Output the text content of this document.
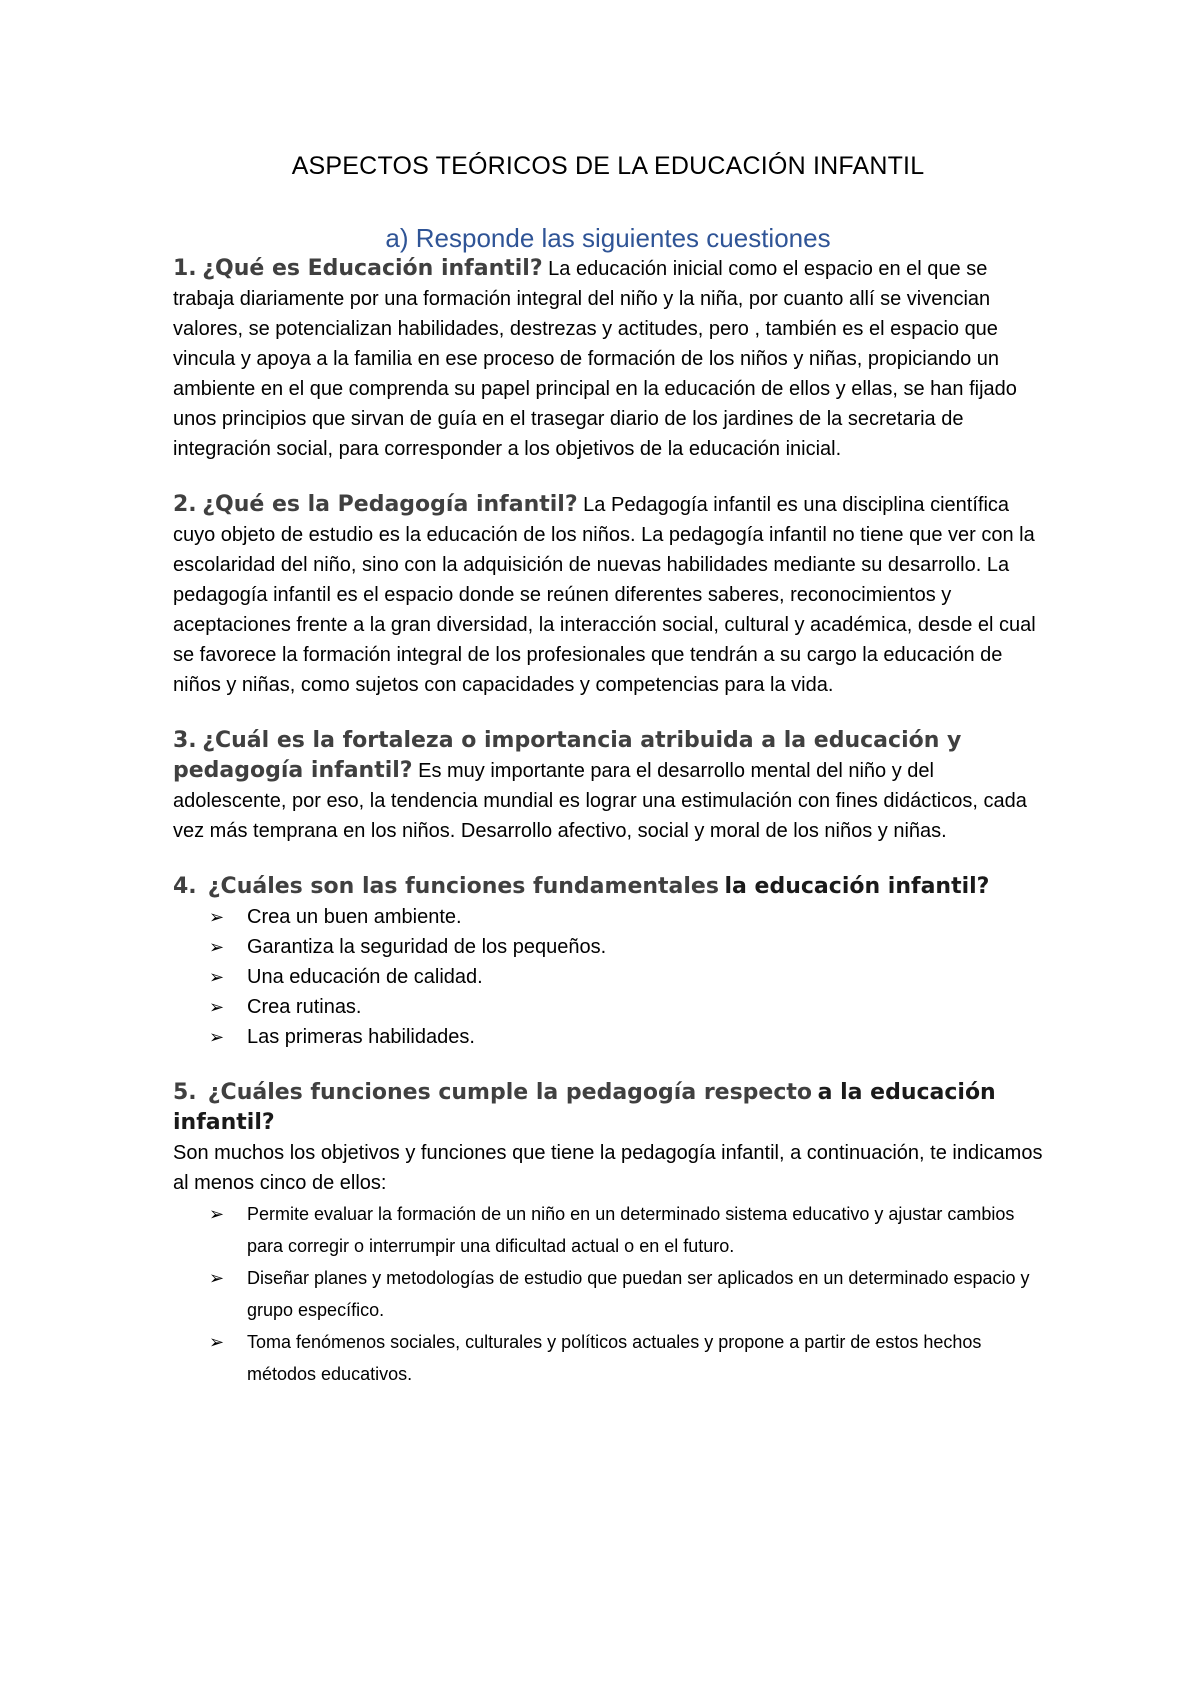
ASPECTOS TEÓRICOS DE LA EDUCACIÓN INFANTIL
a) Responde las siguientes cuestiones

1. ¿Qué es Educación infantil? La educación inicial como el espacio en el que se trabaja diariamente por una formación integral del niño y la niña, por cuanto allí se vivencian valores, se potencializan habilidades, destrezas y actitudes, pero , también es el espacio que vincula y apoya a la familia en ese proceso de formación de los niños y niñas, propiciando un ambiente en el que comprenda su papel principal en la educación de ellos y ellas, se han fijado unos principios que sirvan de guía en el trasegar diario de los jardines de la secretaria de integración social, para corresponder a los objetivos de la educación inicial.

2. ¿Qué es la Pedagogía infantil? La Pedagogía infantil es una disciplina científica cuyo objeto de estudio es la educación de los niños. La pedagogía infantil no tiene que ver con la escolaridad del niño, sino con la adquisición de nuevas habilidades mediante su desarrollo. La pedagogía infantil es el espacio donde se reúnen diferentes saberes, reconocimientos y aceptaciones frente a la gran diversidad, la interacción social, cultural y académica, desde el cual se favorece la formación integral de los profesionales que tendrán a su cargo la educación de niños y niñas, como sujetos con capacidades y competencias para la vida.

3. ¿Cuál es la fortaleza o importancia atribuida a la educación y pedagogía infantil? Es muy importante para el desarrollo mental del niño y del adolescente, por eso, la tendencia mundial es lograr una estimulación con fines didácticos, cada vez más temprana en los niños. Desarrollo afectivo, social y moral de los niños y niñas.

4. ¿Cuáles son las funciones fundamentales la educación infantil?

➢ Crea un buen ambiente.
➢ Garantiza la seguridad de los pequeños.
➢ Una educación de calidad.
➢ Crea rutinas.
➢ Las primeras habilidades.

5. ¿Cuáles funciones cumple la pedagogía respecto a la educación infantil?

Son muchos los objetivos y funciones que tiene la pedagogía infantil, a continuación, te indicamos al menos cinco de ellos:

➢ Permite evaluar la formación de un niño en un determinado sistema educativo y ajustar cambios para corregir o interrumpir una dificultad actual o en el futuro.
➢ Diseñar planes y metodologías de estudio que puedan ser aplicados en un determinado espacio y grupo específico.
➢ Toma fenómenos sociales, culturales y políticos actuales y propone a partir de estos hechos métodos educativos.
